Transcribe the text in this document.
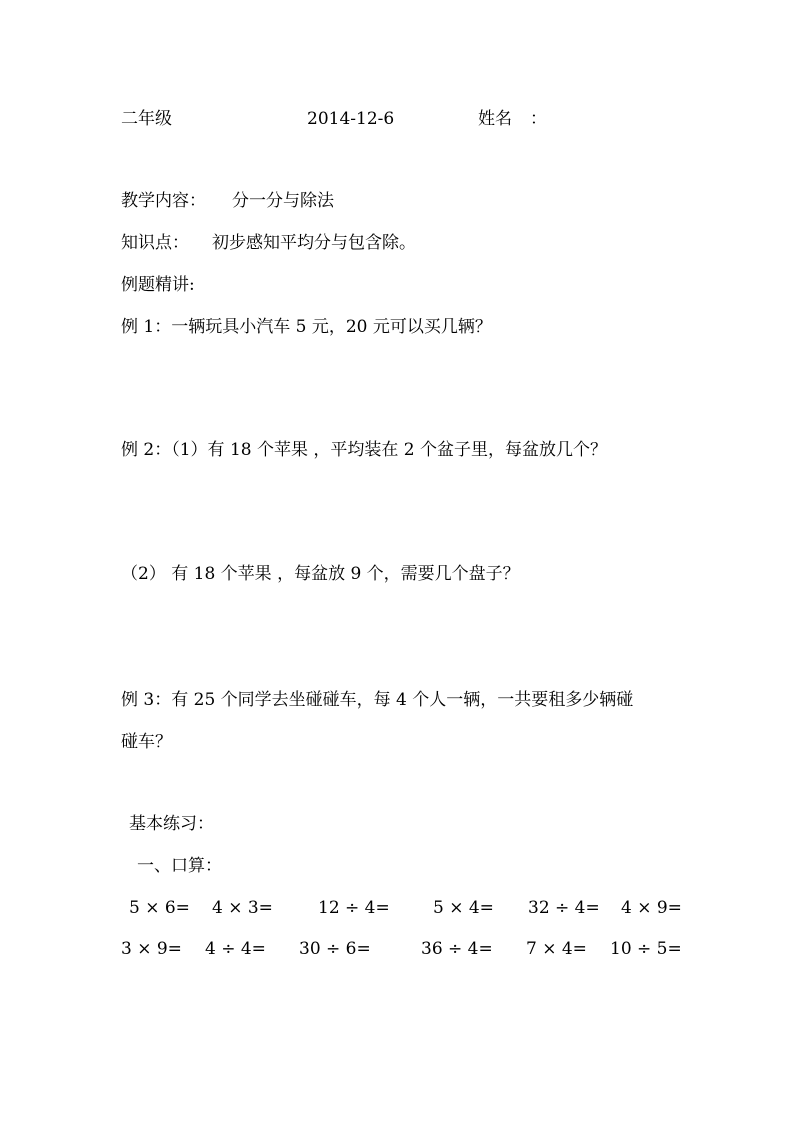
二年级	2014-12-6	姓名 ：
教学内容： 分一分与除法
知识点： 初步感知平均分与包含除。
例题精讲:
例 1：一辆玩具小汽车 5 元，20 元可以买几辆？
例 2：（1）有 18 个苹果 ，平均装在 2 个盆子里，每盆放几个？
（2） 有 18 个苹果 ，每盆放 9 个，需要几个盘子？
例 3：有 25 个同学去坐碰碰车，每 4 个人一辆，一共要租多少辆碰
碰车？
基本练习：
一、口算：
5 × 6= 4 × 3=	12 ÷ 4=	5 × 4= 32 ÷ 4= 4 × 9=
3 × 9= 4 ÷ 4= 30 ÷ 6=	36 ÷ 4= 7 × 4= 10 ÷ 5=
